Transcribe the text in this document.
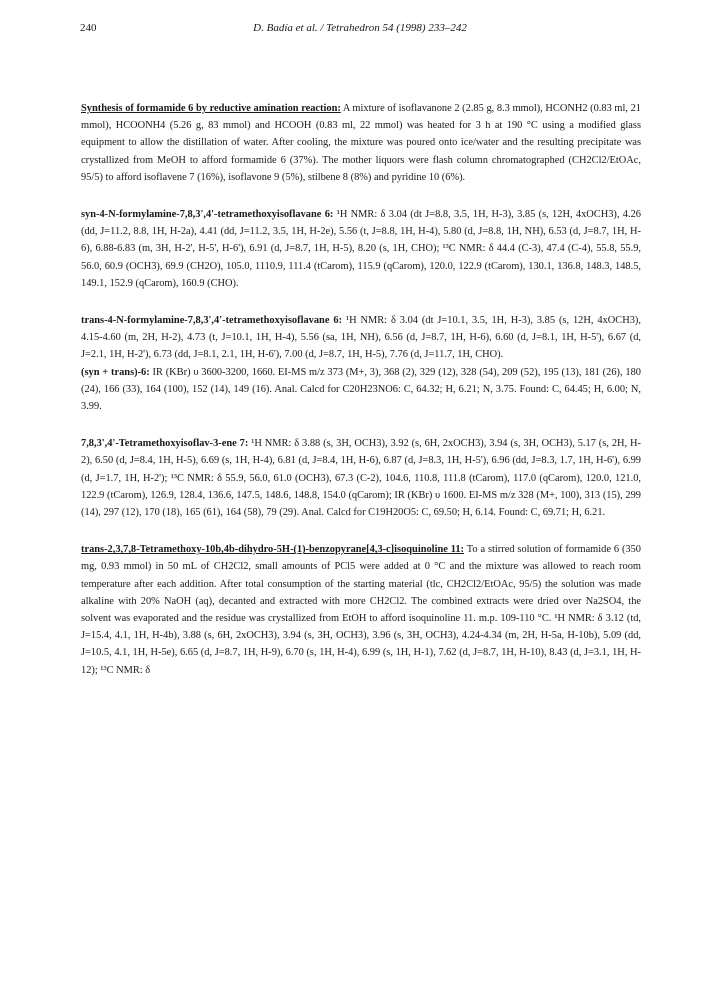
240	D. Badía et al. / Tetrahedron 54 (1998) 233–242

Synthesis of formamide 6 by reductive amination reaction: A mixture of isoflavanone 2 (2.85 g, 8.3 mmol), HCONH2 (0.83 ml, 21 mmol), HCOONH4 (5.26 g, 83 mmol) and HCOOH (0.83 ml, 22 mmol) was heated for 3 h at 190 °C using a modified glass equipment to allow the distillation of water. After cooling, the mixture was poured onto ice/water and the resulting precipitate was crystallized from MeOH to afford formamide 6 (37%). The mother liquors were flash column chromatographed (CH2Cl2/EtOAc, 95/5) to afford isoflavene 7 (16%), isoflavone 9 (5%), stilbene 8 (8%) and pyridine 10 (6%).

syn-4-N-formylamine-7,8,3',4'-tetramethoxyisoflavane 6: ¹H NMR: δ 3.04 (dt J=8.8, 3.5, 1H, H-3), 3.85 (s, 12H, 4xOCH3), 4.26 (dd, J=11.2, 8.8, 1H, H-2a), 4.41 (dd, J=11.2, 3.5, 1H, H-2e), 5.56 (t, J=8.8, 1H, H-4), 5.80 (d, J=8.8, 1H, NH), 6.53 (d, J=8.7, 1H, H-6), 6.88-6.83 (m, 3H, H-2', H-5', H-6'), 6.91 (d, J=8.7, 1H, H-5), 8.20 (s, 1H, CHO); ¹³C NMR: δ 44.4 (C-3), 47.4 (C-4), 55.8, 55.9, 56.0, 60.9 (OCH3), 69.9 (CH2O), 105.0, 1110.9, 111.4 (tCarom), 115.9 (qCarom), 120.0, 122.9 (tCarom), 130.1, 136.8, 148.3, 148.5, 149.1, 152.9 (qCarom), 160.9 (CHO).

trans-4-N-formylamine-7,8,3',4'-tetramethoxyisoflavane 6: ¹H NMR: δ 3.04 (dt J=10.1, 3.5, 1H, H-3), 3.85 (s, 12H, 4xOCH3), 4.15-4.60 (m, 2H, H-2), 4.73 (t, J=10.1, 1H, H-4), 5.56 (sa, 1H, NH), 6.56 (d, J=8.7, 1H, H-6), 6.60 (d, J=8.1, 1H, H-5'), 6.67 (d, J=2.1, 1H, H-2'), 6.73 (dd, J=8.1, 2.1, 1H, H-6'), 7.00 (d, J=8.7, 1H, H-5), 7.76 (d, J=11.7, 1H, CHO).
(syn + trans)-6: IR (KBr) υ 3600-3200, 1660. EI-MS m/z 373 (M+, 3), 368 (2), 329 (12), 328 (54), 209 (52), 195 (13), 181 (26), 180 (24), 166 (33), 164 (100), 152 (14), 149 (16). Anal. Calcd for C20H23NO6: C, 64.32; H, 6.21; N, 3.75. Found: C, 64.45; H, 6.00; N, 3.99.

7,8,3',4'-Tetramethoxyisoflav-3-ene 7: ¹H NMR: δ 3.88 (s, 3H, OCH3), 3.92 (s, 6H, 2xOCH3), 3.94 (s, 3H, OCH3), 5.17 (s, 2H, H-2), 6.50 (d, J=8.4, 1H, H-5), 6.69 (s, 1H, H-4), 6.81 (d, J=8.4, 1H, H-6), 6.87 (d, J=8.3, 1H, H-5'), 6.96 (dd, J=8.3, 1.7, 1H, H-6'), 6.99 (d, J=1.7, 1H, H-2'); ¹³C NMR: δ 55.9, 56.0, 61.0 (OCH3), 67.3 (C-2), 104.6, 110.8, 111.8 (tCarom), 117.0 (qCarom), 120.0, 121.0, 122.9 (tCarom), 126.9, 128.4, 136.6, 147.5, 148.6, 148.8, 154.0 (qCarom); IR (KBr) υ 1600. EI-MS m/z 328 (M+, 100), 313 (15), 299 (14), 297 (12), 170 (18), 165 (61), 164 (58), 79 (29). Anal. Calcd for C19H20O5: C, 69.50; H, 6.14. Found: C, 69.71; H, 6.21.

trans-2,3,7,8-Tetramethoxy-10b,4b-dihydro-5H-(1)-benzopyrane[4,3-c]isoquinoline 11: To a stirred solution of formamide 6 (350 mg, 0.93 mmol) in 50 mL of CH2Cl2, small amounts of PCl5 were added at 0 °C and the mixture was allowed to reach room temperature after each addition. After total consumption of the starting material (tlc, CH2Cl2/EtOAc, 95/5) the solution was made alkaline with 20% NaOH (aq), decanted and extracted with more CH2Cl2. The combined extracts were dried over Na2SO4, the solvent was evaporated and the residue was crystallized from EtOH to afford isoquinoline 11. m.p. 109-110 °C. ¹H NMR: δ 3.12 (td, J=15.4, 4.1, 1H, H-4b), 3.88 (s, 6H, 2xOCH3), 3.94 (s, 3H, OCH3), 3.96 (s, 3H, OCH3), 4.24-4.34 (m, 2H, H-5a, H-10b), 5.09 (dd, J=10.5, 4.1, 1H, H-5e), 6.65 (d, J=8.7, 1H, H-9), 6.70 (s, 1H, H-4), 6.99 (s, 1H, H-1), 7.62 (d, J=8.7, 1H, H-10), 8.43 (d, J=3.1, 1H, H-12); ¹³C NMR: δ
